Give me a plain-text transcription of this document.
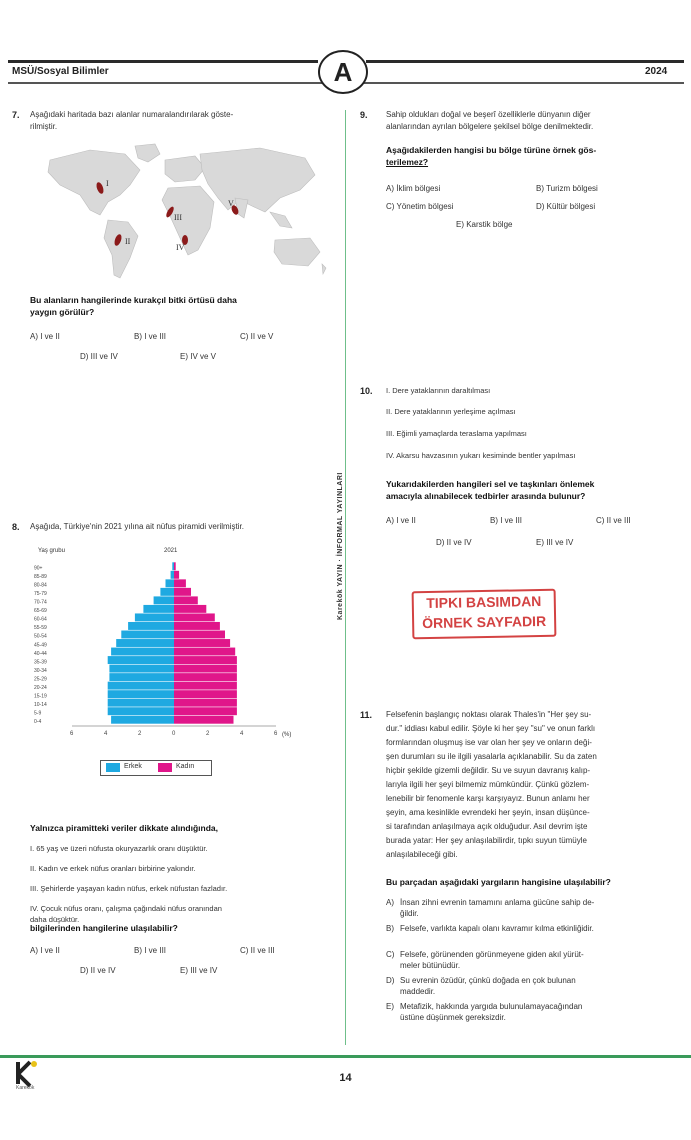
MSÜ/Sosyal Bilimler	A	2024
Karekök YAYIN · İNFORMAL YAYINLARI
7. Aşağıdaki haritada bazı alanlar numaralandırılarak göste-
rilmiştir.
I
II
III
IV
V
Bu alanların hangilerinde kurakçıl bitki örtüsü daha
yaygın görülür?
A) I ve II	B) I ve III	C) II ve V
D) III ve IV	E) IV ve V
8. Aşağıda, Türkiye'nin 2021 yılına ait nüfus piramidi verilmiştir.
Yaş grubu	2021
(%)
0-4
5-9
10-14
15-19
20-24
25-29
30-34
35-39
40-44
45-49
50-54
55-59
60-64
65-69
70-74
75-79
80-84
85-89
90+
6	4	2	0	2	4	6
Erkek	Kadın
Yalnızca piramitteki veriler dikkate alındığında,
I. 65 yaş ve üzeri nüfusta okuryazarlık oranı düşüktür.
II. Kadın ve erkek nüfus oranları birbirine yakındır.
III. Şehirlerde yaşayan kadın nüfus, erkek nüfustan fazladır.
IV. Çocuk nüfus oranı, çalışma çağındaki nüfus oranından
daha düşüktür.
bilgilerinden hangilerine ulaşılabilir?
A) I ve II	B) I ve III	C) II ve III
D) II ve IV	E) III ve IV
9. Sahip oldukları doğal ve beşerî özelliklerle dünyanın diğer
alanlarından ayrılan bölgelere şekilsel bölge denilmektedir.
Aşağıdakilerden hangisi bu bölge türüne örnek gös-
terilemez?
A) İklim bölgesi	B) Turizm bölgesi
C) Yönetim bölgesi	D) Kültür bölgesi
E) Karstik bölge
10. I. Dere yataklarının daraltılması
II. Dere yataklarının yerleşime açılması
III. Eğimli yamaçlarda teraslama yapılması
IV. Akarsu havzasının yukarı kesiminde bentler yapılması
Yukarıdakilerden hangileri sel ve taşkınları önlemek
amacıyla alınabilecek tedbirler arasında bulunur?
A) I ve II	B) I ve III	C) II ve III
D) II ve IV	E) III ve IV
TIPKI BASIMDAN
ÖRNEK SAYFADIR
11. Felsefenin başlangıç noktası olarak Thales'in "Her şey su-
dur." iddiası kabul edilir. Şöyle ki her şey "su" ve onun farklı
formlarından oluşmuş ise var olan her şey ve onların deği-
şen durumları su ile ilgili yasalarla açıklanabilir. Su da zaten
hiçbir şekilde gizemli değildir. Su ve suyun davranış kalıp-
larıyla ilgili her şeyi bilmemiz mümkündür. Çünkü gözlem-
lenebilir bir fenomenle karşı karşıyayız. Bunun anlamı her
şeyin, ama kesinlikle evrendeki her şeyin, insan düşünce-
si tarafından anlaşılmaya açık olduğudur. Asıl devrim işte
burada yatar: Her şey anlaşılabilirdir, tıpkı suyun tümüyle
anlaşılabileceği gibi.
Bu parçadan aşağıdaki yargıların hangisine ulaşılabilir?
A) İnsan zihni evrenin tamamını anlama gücüne sahip de-
ğildir.
B) Felsefe, varlıkta kapalı olanı kavramır kılma etkinliğidir.
C) Felsefe, görünenden görünmeyene giden akıl yürüt-
meler bütünüdür.
D) Su evrenin özüdür, çünkü doğada en çok bulunan
maddedir.
E) Metafizik, hakkında yargıda bulunulamayacağından
üstüne düşünmek gereksizdir.
Karekök
14
